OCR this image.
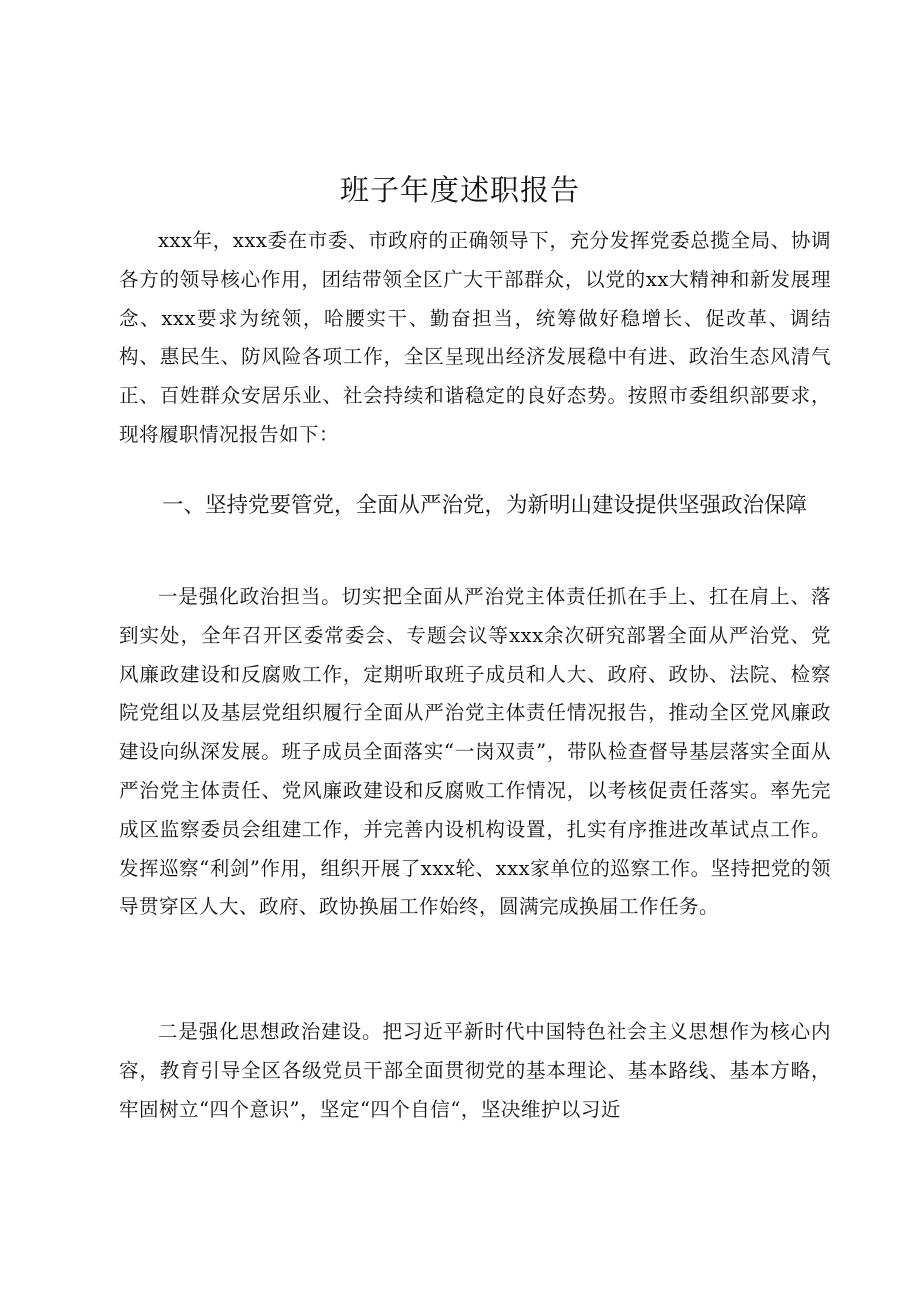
班子年度述职报告

xxx年，xxx委在市委、市政府的正确领导下，充分发挥党委总揽全局、协调各方的领导核心作用，团结带领全区广大干部群众，以党的xx大精神和新发展理念、xxx要求为统领，哈腰实干、勤奋担当，统筹做好稳增长、促改革、调结构、惠民生、防风险各项工作，全区呈现出经济发展稳中有进、政治生态风清气正、百姓群众安居乐业、社会持续和谐稳定的良好态势。按照市委组织部要求，现将履职情况报告如下：

一、坚持党要管党，全面从严治党，为新明山建设提供坚强政治保障

一是强化政治担当。切实把全面从严治党主体责任抓在手上、扛在肩上、落到实处，全年召开区委常委会、专题会议等xxx余次研究部署全面从严治党、党风廉政建设和反腐败工作，定期听取班子成员和人大、政府、政协、法院、检察院党组以及基层党组织履行全面从严治党主体责任情况报告，推动全区党风廉政建设向纵深发展。班子成员全面落实“一岗双责”，带队检查督导基层落实全面从严治党主体责任、党风廉政建设和反腐败工作情况，以考核促责任落实。率先完成区监察委员会组建工作，并完善内设机构设置，扎实有序推进改革试点工作。发挥巡察“利剑”作用，组织开展了xxx轮、xxx家单位的巡察工作。坚持把党的领导贯穿区人大、政府、政协换届工作始终，圆满完成换届工作任务。

二是强化思想政治建设。把习近平新时代中国特色社会主义思想作为核心内容，教育引导全区各级党员干部全面贯彻党的基本理论、基本路线、基本方略，牢固树立“四个意识”，坚定“四个自信“，坚决维护以习近
